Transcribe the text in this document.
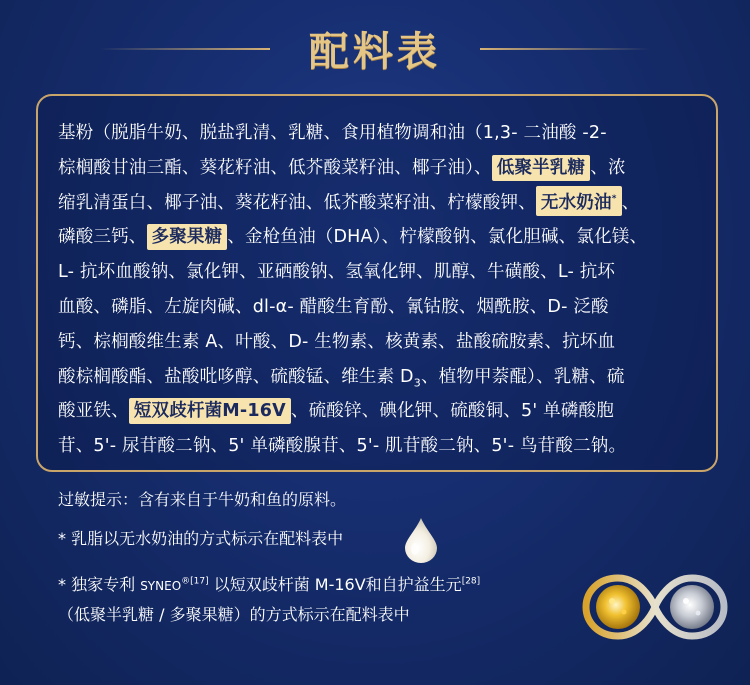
配料表
基粉（脱脂牛奶、脱盐乳清、乳糖、食用植物调和油（1,3- 二油酸 -2-
棕榈酸甘油三酯、葵花籽油、低芥酸菜籽油、椰子油）、 低聚半乳糖 、浓
缩乳清蛋白、椰子油、葵花籽油、低芥酸菜籽油、柠檬酸钾、 无水奶油* 、
磷酸三钙、 多聚果糖 、金枪鱼油（DHA）、柠檬酸钠、氯化胆碱、氯化镁、
L- 抗坏血酸钠、氯化钾、亚硒酸钠、氢氧化钾、肌醇、牛磺酸、L- 抗坏
血酸、磷脂、左旋肉碱、dl-α- 醋酸生育酚、氰钴胺、烟酰胺、D- 泛酸
钙、棕榈酸维生素 A、叶酸、D- 生物素、核黄素、盐酸硫胺素、抗坏血
酸棕榈酸酯、盐酸吡哆醇、硫酸锰、维生素 $D_3$、植物甲萘醌）、乳糖、硫
酸亚铁、 短双歧杆菌M-16V 、硫酸锌、碘化钾、硫酸铜、5' 单磷酸胞
苷、5'- 尿苷酸二钠、5' 单磷酸腺苷、5'- 肌苷酸二钠、5'- 鸟苷酸二钠。
过敏提示：含有来自于牛奶和鱼的原料。
* 乳脂以无水奶油的方式标示在配料表中
* 独家专利 $SYNEO^{®[17]}$ 以短双歧杆菌 M-16V和自护益生元[28]
（低聚半乳糖 / 多聚果糖）的方式标示在配料表中
